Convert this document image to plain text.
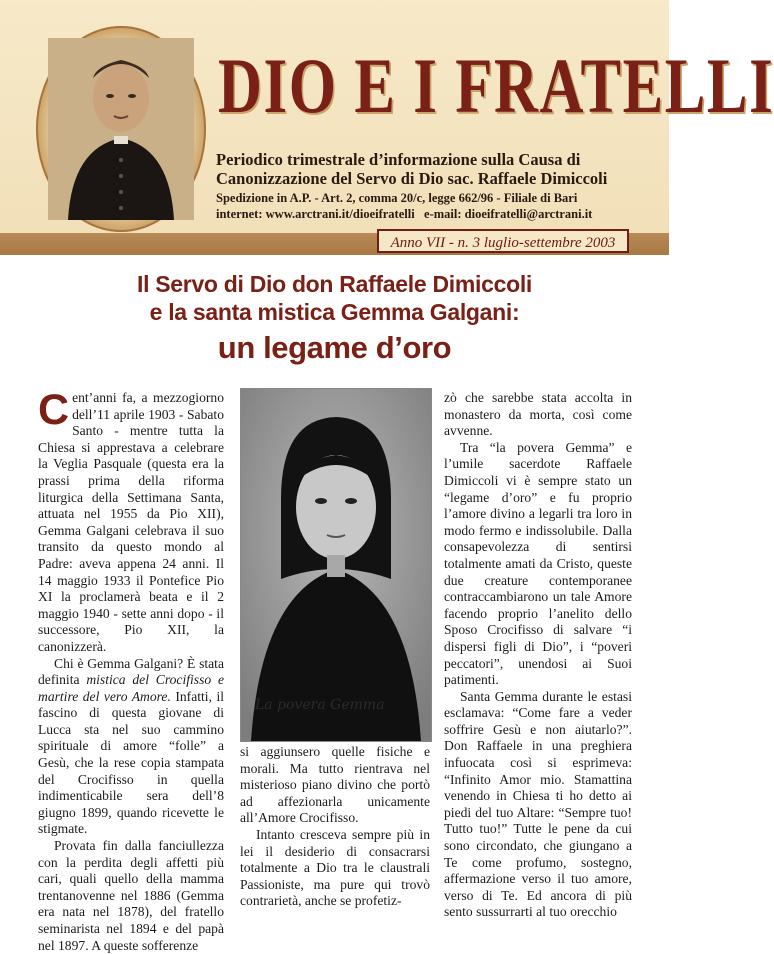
DIO E I FRATELLI
Periodico trimestrale d’informazione sulla Causa di
Canonizzazione del Servo di Dio sac. Raffaele Dimiccoli
Spedizione in A.P. - Art. 2, comma 20/c, legge 662/96 - Filiale di Bari
internet: www.arctrani.it/dioeifratelli   e-mail: dioeifratelli@arctrani.it
Anno VII - n. 3 luglio-settembre 2003
Il Servo di Dio don Raffaele Dimiccoli
e la santa mistica Gemma Galgani:
un legame d’oro

Cent’anni fa, a mezzogiorno dell’11 aprile 1903 - Sabato Santo - mentre tutta la Chiesa si apprestava a celebrare la Veglia Pasquale (questa era la prassi prima della riforma liturgica della Settimana Santa, attuata nel 1955 da Pio XII), Gemma Galgani celebrava il suo transito da questo mondo al Padre: aveva appena 24 anni. Il 14 maggio 1933 il Pontefice Pio XI la proclamerà beata e il 2 maggio 1940 - sette anni dopo - il successore, Pio XII, la canonizzerà.

Chi è Gemma Galgani? È stata definita mistica del Crocifisso e martire del vero Amore. Infatti, il fascino di questa giovane di Lucca sta nel suo cammino spirituale di amore “folle” a Gesù, che la rese copia stampata del Crocifisso in quella indimenticabile sera dell’8 giugno 1899, quando ricevette le stigmate.

Provata fin dalla fanciullezza con la perdita degli affetti più cari, quali quello della mamma trentanovenne nel 1886 (Gemma era nata nel 1878), del fratello seminarista nel 1894 e del papà nel 1897. A queste sofferenze

La povera Gemma

si aggiunsero quelle fisiche e morali. Ma tutto rientrava nel misterioso piano divino che portò ad affezionarla unicamente all’Amore Crocifisso.

Intanto cresceva sempre più in lei il desiderio di consacrarsi totalmente a Dio tra le claustrali Passioniste, ma pure qui trovò contrarietà, anche se profetiz-

zò che sarebbe stata accolta in monastero da morta, così come avvenne.

Tra “la povera Gemma” e l’umile sacerdote Raffaele Dimiccoli vi è sempre stato un “legame d’oro” e fu proprio l’amore divino a legarli tra loro in modo fermo e indissolubile. Dalla consapevolezza di sentirsi totalmente amati da Cristo, queste due creature contemporanee contraccambiarono un tale Amore facendo proprio l’anelito dello Sposo Crocifisso di salvare “i dispersi figli di Dio”, i “poveri peccatori”, unendosi ai Suoi patimenti.

Santa Gemma durante le estasi esclamava: “Come fare a veder soffrire Gesù e non aiutarlo?”. Don Raffaele in una preghiera infuocata così si esprimeva: “Infinito Amor mio. Stamattina venendo in Chiesa ti ho detto ai piedi del tuo Altare: “Sempre tuo! Tutto tuo!” Tutte le pene da cui sono circondato, che giungano a Te come profumo, sostegno, affermazione verso il tuo amore, verso di Te. Ed ancora di più sento sussurrarti al tuo orecchio
